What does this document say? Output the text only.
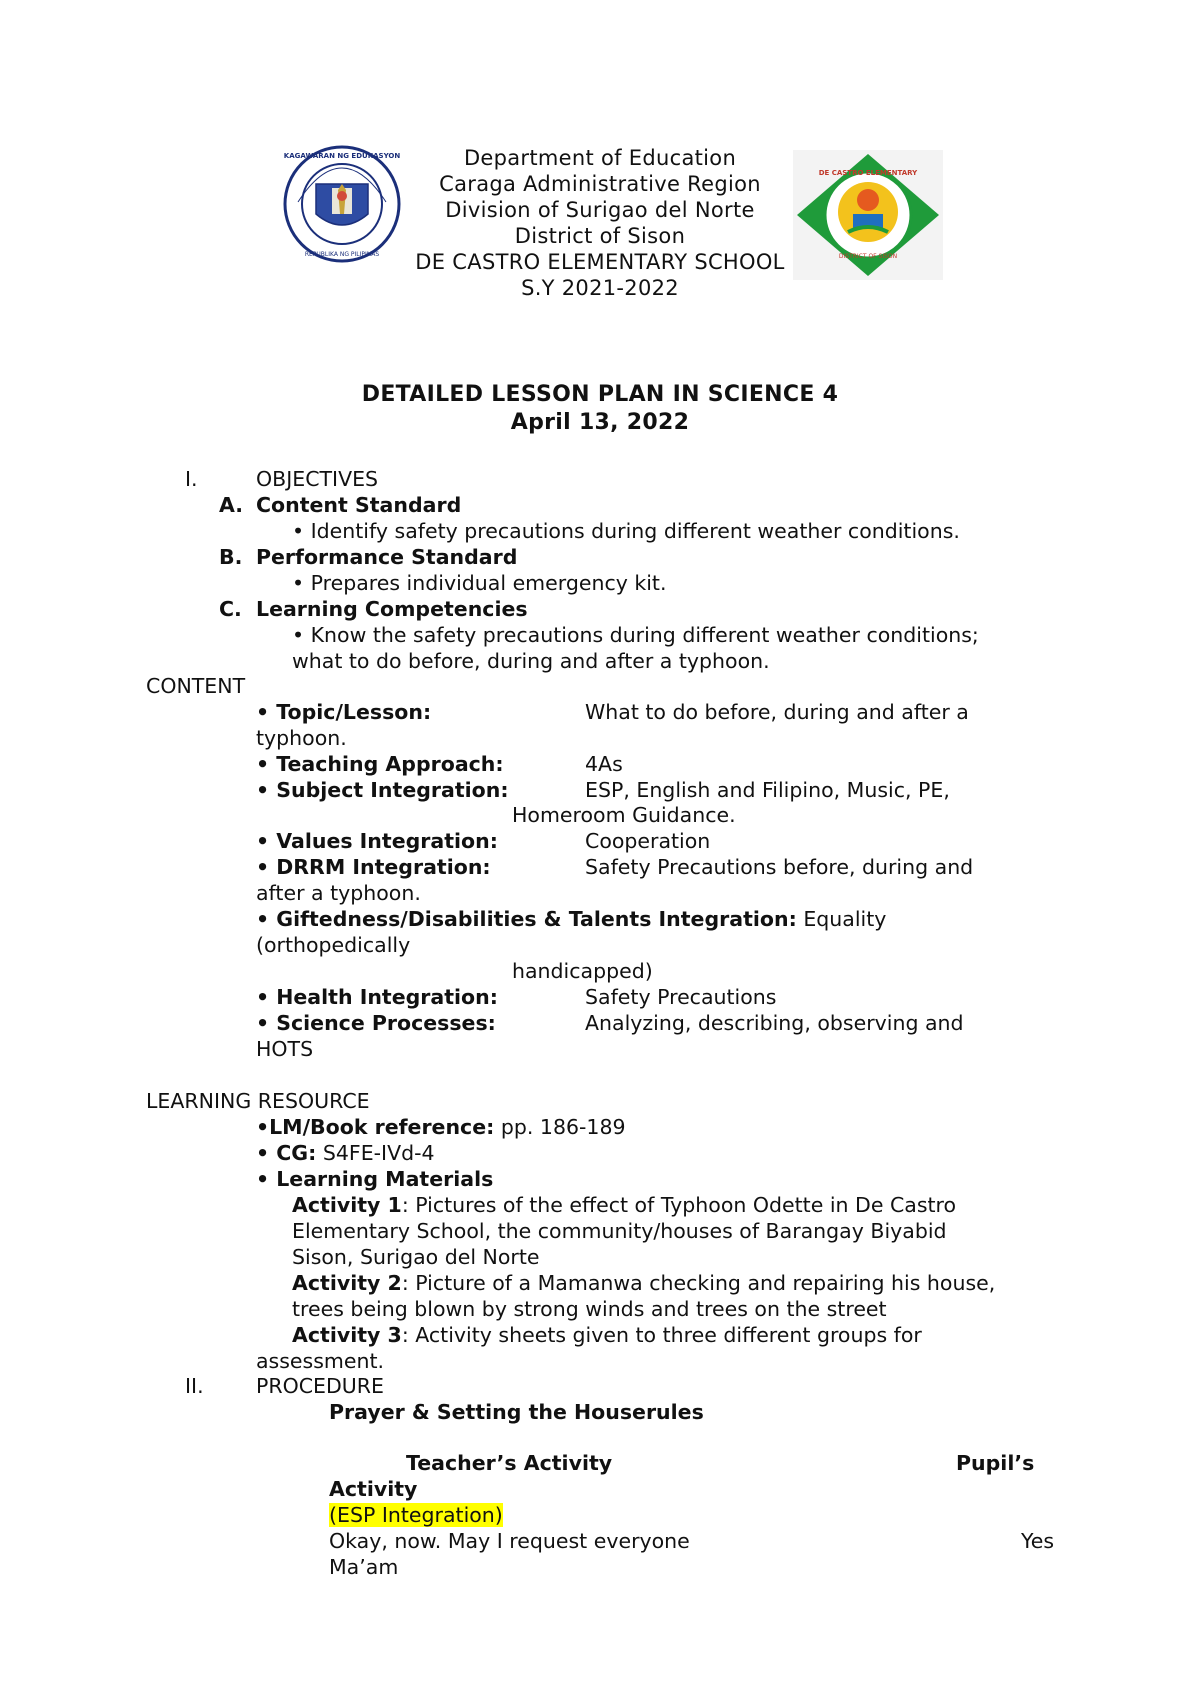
KAGAWARAN NG EDUKASYON
REPUBLIKA NG PILIPINAS
DE CASTRO ELEMENTARY
DISTRICT OF SISON
Department of Education
Caraga Administrative Region
Division of Surigao del Norte
District of Sison
DE CASTRO ELEMENTARY SCHOOL
S.Y 2021-2022
DETAILED LESSON PLAN IN SCIENCE 4
April 13, 2022
I.	OBJECTIVES
A. Content Standard
• Identify safety precautions during different weather conditions.
B. Performance Standard
• Prepares individual emergency kit.
C. Learning Competencies
• Know the safety precautions during different weather conditions;
what to do before, during and after a typhoon.
CONTENT
• Topic/Lesson:	What to do before, during and after a
typhoon.
• Teaching Approach:	4As
• Subject Integration:	ESP, English and Filipino, Music, PE,
Homeroom Guidance.
• Values Integration:	Cooperation
• DRRM Integration:	Safety Precautions before, during and
after a typhoon.
• Giftedness/Disabilities & Talents Integration: Equality
(orthopedically
handicapped)
• Health Integration:	Safety Precautions
• Science Processes:	Analyzing, describing, observing and
HOTS
LEARNING RESOURCE
•LM/Book reference: pp. 186-189
• CG: S4FE-IVd-4
• Learning Materials
Activity 1: Pictures of the effect of Typhoon Odette in De Castro
Elementary School, the community/houses of Barangay Biyabid
Sison, Surigao del Norte
Activity 2: Picture of a Mamanwa checking and repairing his house,
trees being blown by strong winds and trees on the street
Activity 3: Activity sheets given to three different groups for
assessment.
II.	PROCEDURE
Prayer & Setting the Houserules
Teacher’s Activity	Pupil’s
Activity
(ESP Integration)
Okay, now. May I request everyone	Yes
Ma’am
